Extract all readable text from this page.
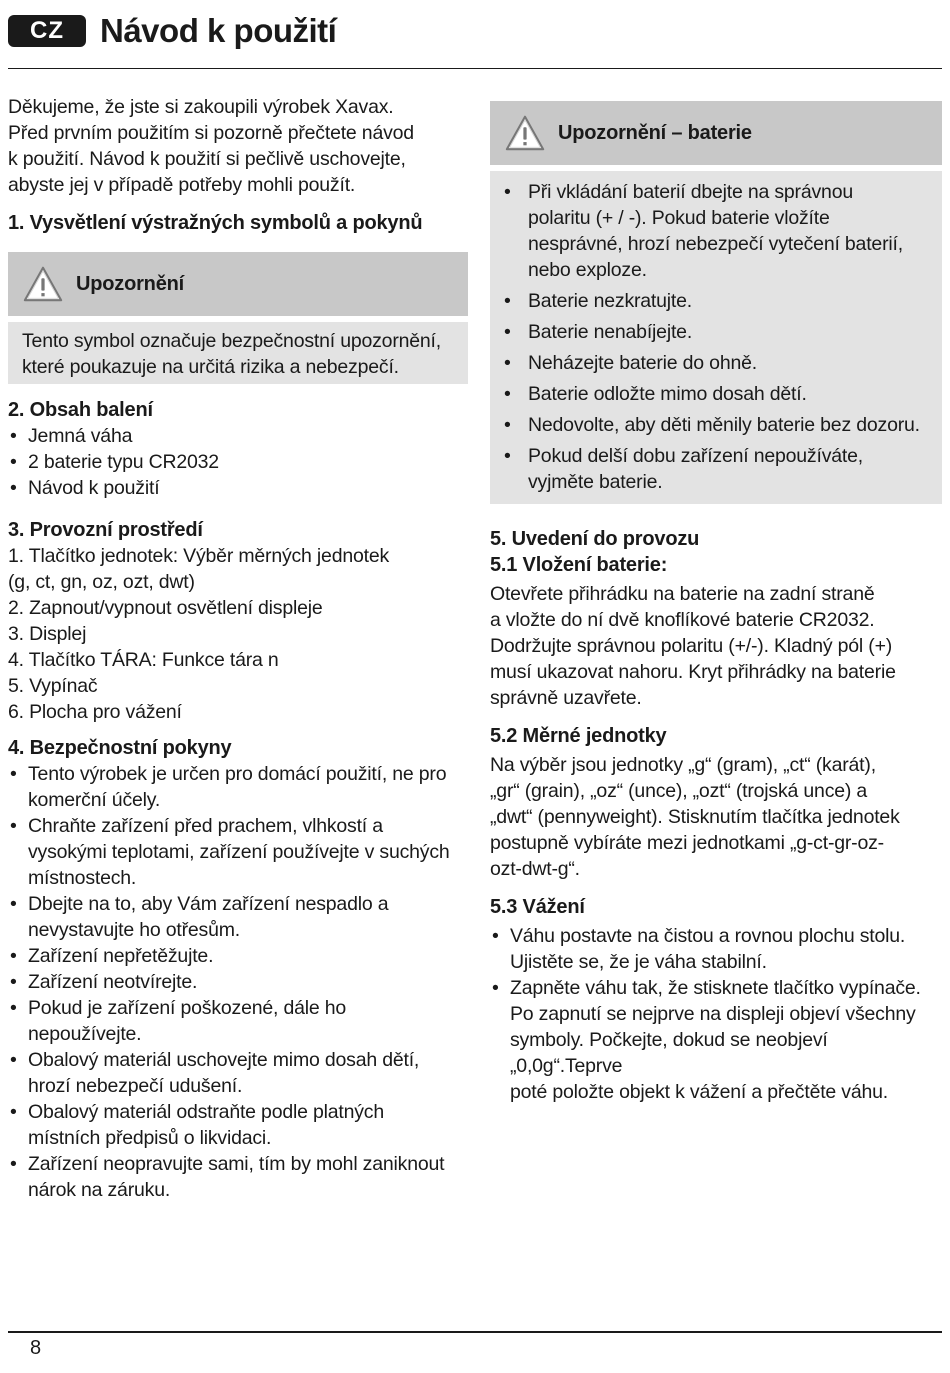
CZ	Návod k použití

Děkujeme, že jste si zakoupili výrobek Xavax.
Před prvním použitím si pozorně přečtete návod
k použití. Návod k použití si pečlivě uschovejte,
abyste jej v případě potřeby mohli použít.

1. Vysvětlení výstražných symbolů a pokynů
Upozornění
Tento symbol označuje bezpečnostní upozornění,
které poukazuje na určitá rizika a nebezpečí.
2. Obsah balení
• Jemná váha
• 2 baterie typu CR2032
• Návod k použití
3. Provozní prostředí

1. Tlačítko jednotek: Výběr měrných jednotek
(g, ct, gn, oz, ozt, dwt)
2. Zapnout/vypnout osvětlení displeje
3. Displej
4. Tlačítko TÁRA: Funkce tára n
5. Vypínač
6. Plocha pro vážení

4. Bezpečnostní pokyny
• Tento výrobek je určen pro domácí použití, ne pro
komerční účely.
• Chraňte zařízení před prachem, vlhkostí a
vysokými teplotami, zařízení používejte v suchých
místnostech.
• Dbejte na to, aby Vám zařízení nespadlo a
nevystavujte ho otřesům.
• Zařízení nepřetěžujte.
• Zařízení neotvírejte.
• Pokud je zařízení poškozené, dále ho
nepoužívejte.
• Obalový materiál uschovejte mimo dosah dětí,
hrozí nebezpečí udušení.
• Obalový materiál odstraňte podle platných
místních předpisů o likvidaci.
• Zařízení neopravujte sami, tím by mohl zaniknout
nárok na záruku.
Upozornění – baterie
• Při vkládání baterií dbejte na správnou
polaritu (+ / -). Pokud baterie vložíte
nesprávné, hrozí nebezpečí vytečení baterií,
nebo exploze.
• Baterie nezkratujte.
• Baterie nenabíjejte.
• Neházejte baterie do ohně.
• Baterie odložte mimo dosah dětí.
• Nedovolte, aby děti měnily baterie bez dozoru.
• Pokud delší dobu zařízení nepoužíváte,
vyjměte baterie.
5. Uvedení do provozu
5.1 Vložení baterie:

Otevřete přihrádku na baterie na zadní straně
a vložte do ní dvě knoflíkové baterie CR2032.
Dodržujte správnou polaritu (+/-). Kladný pól (+)
musí ukazovat nahoru. Kryt přihrádky na baterie
správně uzavřete.

5.2 Měrné jednotky

Na výběr jsou jednotky „g“ (gram), „ct“ (karát),
„gr“ (grain), „oz“ (unce), „ozt“ (trojská unce) a
„dwt“ (pennyweight). Stisknutím tlačítka jednotek
postupně vybíráte mezi jednotkami „g-ct-gr-oz-
ozt-dwt-g“.

5.3 Vážení
• Váhu postavte na čistou a rovnou plochu stolu.
Ujistěte se, že je váha stabilní.
• Zapněte váhu tak, že stisknete tlačítko vypínače.
Po zapnutí se nejprve na displeji objeví všechny
symboly. Počkejte, dokud se neobjeví „0,0g“.Teprve
poté položte objekt k vážení a přečtěte váhu.
8
